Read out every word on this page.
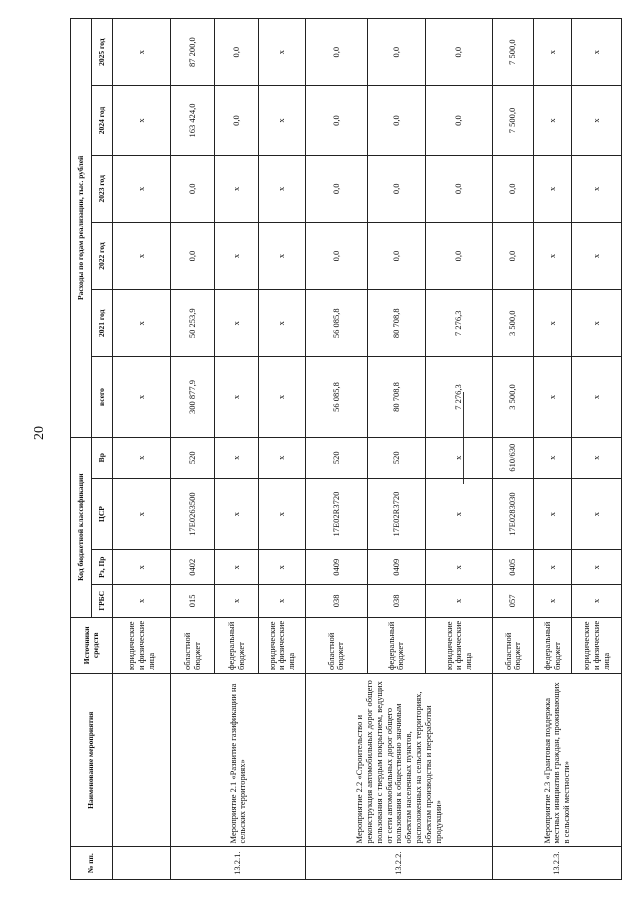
20
№ пп.	Наименование мероприятия	Источники средств	Код бюджетной классификации				Расходы по годам реализации, тыс. рублей					
			ГРБС	Рз, Пр	ЦСР	Вр	всего	2021 год	2022 год	2023 год	2024 год	2025 год
		юридические и физические лица	х	х	х	х	х	х	х	х	х	х
13.2.1.	Мероприятие 2.1 «Развитие газификации на сельских территориях»	областной бюджет	015	0402	17Е0263500	520	300 877,9	50 253,9	0,0	0,0	163 424,0	87 200,0
		федеральный бюджет	х	х	х	х	х	х	х	х	0,0	0,0
		юридические и физические лица	х	х	х	х	х	х	х	х	х	х
13.2.2.	Мероприятие 2.2 «Строительство и реконструкция автомобильных дорог общего пользования с твердым покрытием, ведущих от сети автомобильных дорог общего пользования к общественно значимым объектам населенных пунктов, расположенных на сельских территориях, объектам производства и переработки продукции»	областной бюджет	038	0409	17Е02R3720	520	56 085,8	56 085,8	0,0	0,0	0,0	0,0
		федеральный бюджет	038	0409	17Е02R3720	520	80 708,8	80 708,8	0,0	0,0	0,0	0,0
		юридические и физические лица	х	х	х	х	7 276,3	7 276,3	0,0	0,0	0,0	0,0
13.2.3.	Мероприятие 2.3 «Грантовая поддержка местных инициатив граждан, проживающих в сельской местности»	областной бюджет	057	0405	17Е0283030	610/630	3 500,0	3 500,0	0,0	0,0	7 500,0	7 500,0
		федеральный бюджет	х	х	х	х	х	х	х	х	х	х
		юридические и физические лица	х	х	х	х	х	х	х	х	х	х
